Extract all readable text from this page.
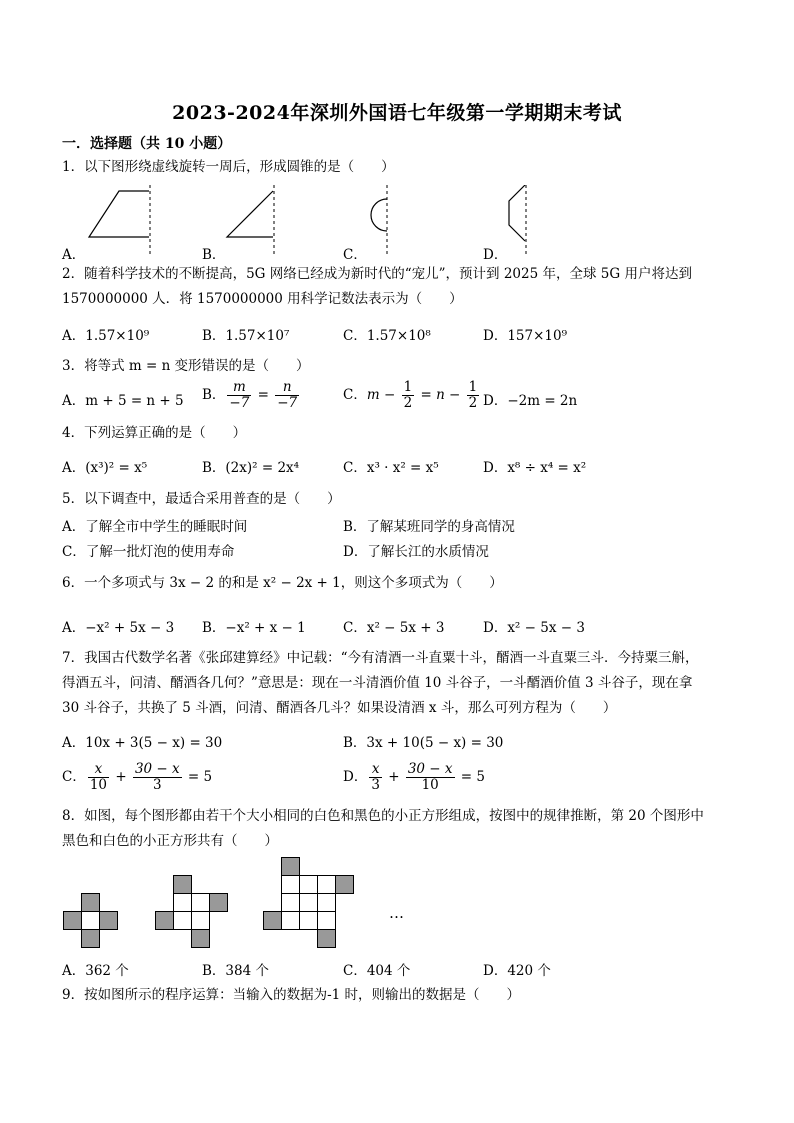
2023-2024年深圳外国语七年级第一学期期末考试
一．选择题（共 10 小题）
1．以下图形绕虚线旋转一周后，形成圆锥的是（　　）
A．	B．	C．	D．
2．随着科学技术的不断提高，5G 网络已经成为新时代的“宠儿”，预计到 2025 年，全球 5G 用户将达到
1570000000 人．将 1570000000 用科学记数法表示为（　　）
A．1.57×10⁹	B．1.57×10⁷	C．1.57×10⁸	D．157×10⁹
3．将等式 m = n 变形错误的是（　　）
A．m + 5 = n + 5 B． $\frac{m}{-7} = \frac{n}{-7}$	C．$m - \frac{1}{2} = n - \frac{1}{2}$ D．−2m = 2n
4．下列运算正确的是（　　）
A．(x³)² = x⁵	B．(2x)² = 2x⁴	C．x³ · x² = x⁵	D．x⁸ ÷ x⁴ = x²
5．以下调查中，最适合采用普查的是（　　）
A．了解全市中学生的睡眠时间	B．了解某班同学的身高情况
C．了解一批灯泡的使用寿命	D．了解长江的水质情况
6．一个多项式与 3x − 2 的和是 x² − 2x + 1，则这个多项式为（　　）
A．−x² + 5x − 3 B．−x² + x − 1	C．x² − 5x + 3	D．x² − 5x − 3
7．我国古代数学名著《张邱建算经》中记载：“今有清酒一斗直粟十斗，醑酒一斗直粟三斗．今持粟三斛，
得酒五斗，问清、醑酒各几何？”意思是：现在一斗清酒价值 10 斗谷子，一斗醑酒价值 3 斗谷子，现在拿
30 斗谷子，共换了 5 斗酒，问清、醑酒各几斗？如果设清酒 x 斗，那么可列方程为（　　）
A．10x + 3(5 − x) = 30	B．3x + 10(5 − x) = 30
C． $\frac{x}{10} + \frac{30 - x}{3} = 5$	D． $\frac{x}{3} + \frac{30 - x}{10} = 5$
8．如图，每个图形都由若干个大小相同的白色和黑色的小正方形组成，按图中的规律推断，第 20 个图形中
黑色和白色的小正方形共有（　　）
…
A．362 个	B．384 个	C．404 个	D．420 个
9．按如图所示的程序运算：当输入的数据为-1 时，则输出的数据是（　　）
